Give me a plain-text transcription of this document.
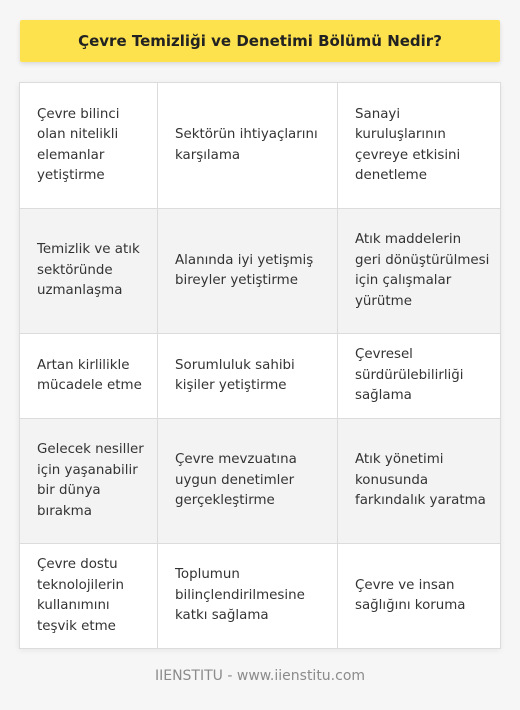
Çevre Temizliği ve Denetimi Bölümü Nedir?
Çevre bilinci olan nitelikli elemanlar yetiştirme	Sektörün ihtiyaçlarını karşılama	Sanayi kuruluşlarının çevreye etkisini denetleme
Temizlik ve atık sektöründe uzmanlaşma	Alanında iyi yetişmiş bireyler yetiştirme	Atık maddelerin geri dönüştürülmesi için çalışmalar yürütme
Artan kirlilikle mücadele etme	Sorumluluk sahibi kişiler yetiştirme	Çevresel sürdürülebilirliği sağlama
Gelecek nesiller için yaşanabilir bir dünya bırakma	Çevre mevzuatına uygun denetimler gerçekleştirme	Atık yönetimi konusunda farkındalık yaratma
Çevre dostu teknolojilerin kullanımını teşvik etme	Toplumun bilinçlendirilmesine katkı sağlama	Çevre ve insan sağlığını koruma
IIENSTITU - www.iienstitu.com
